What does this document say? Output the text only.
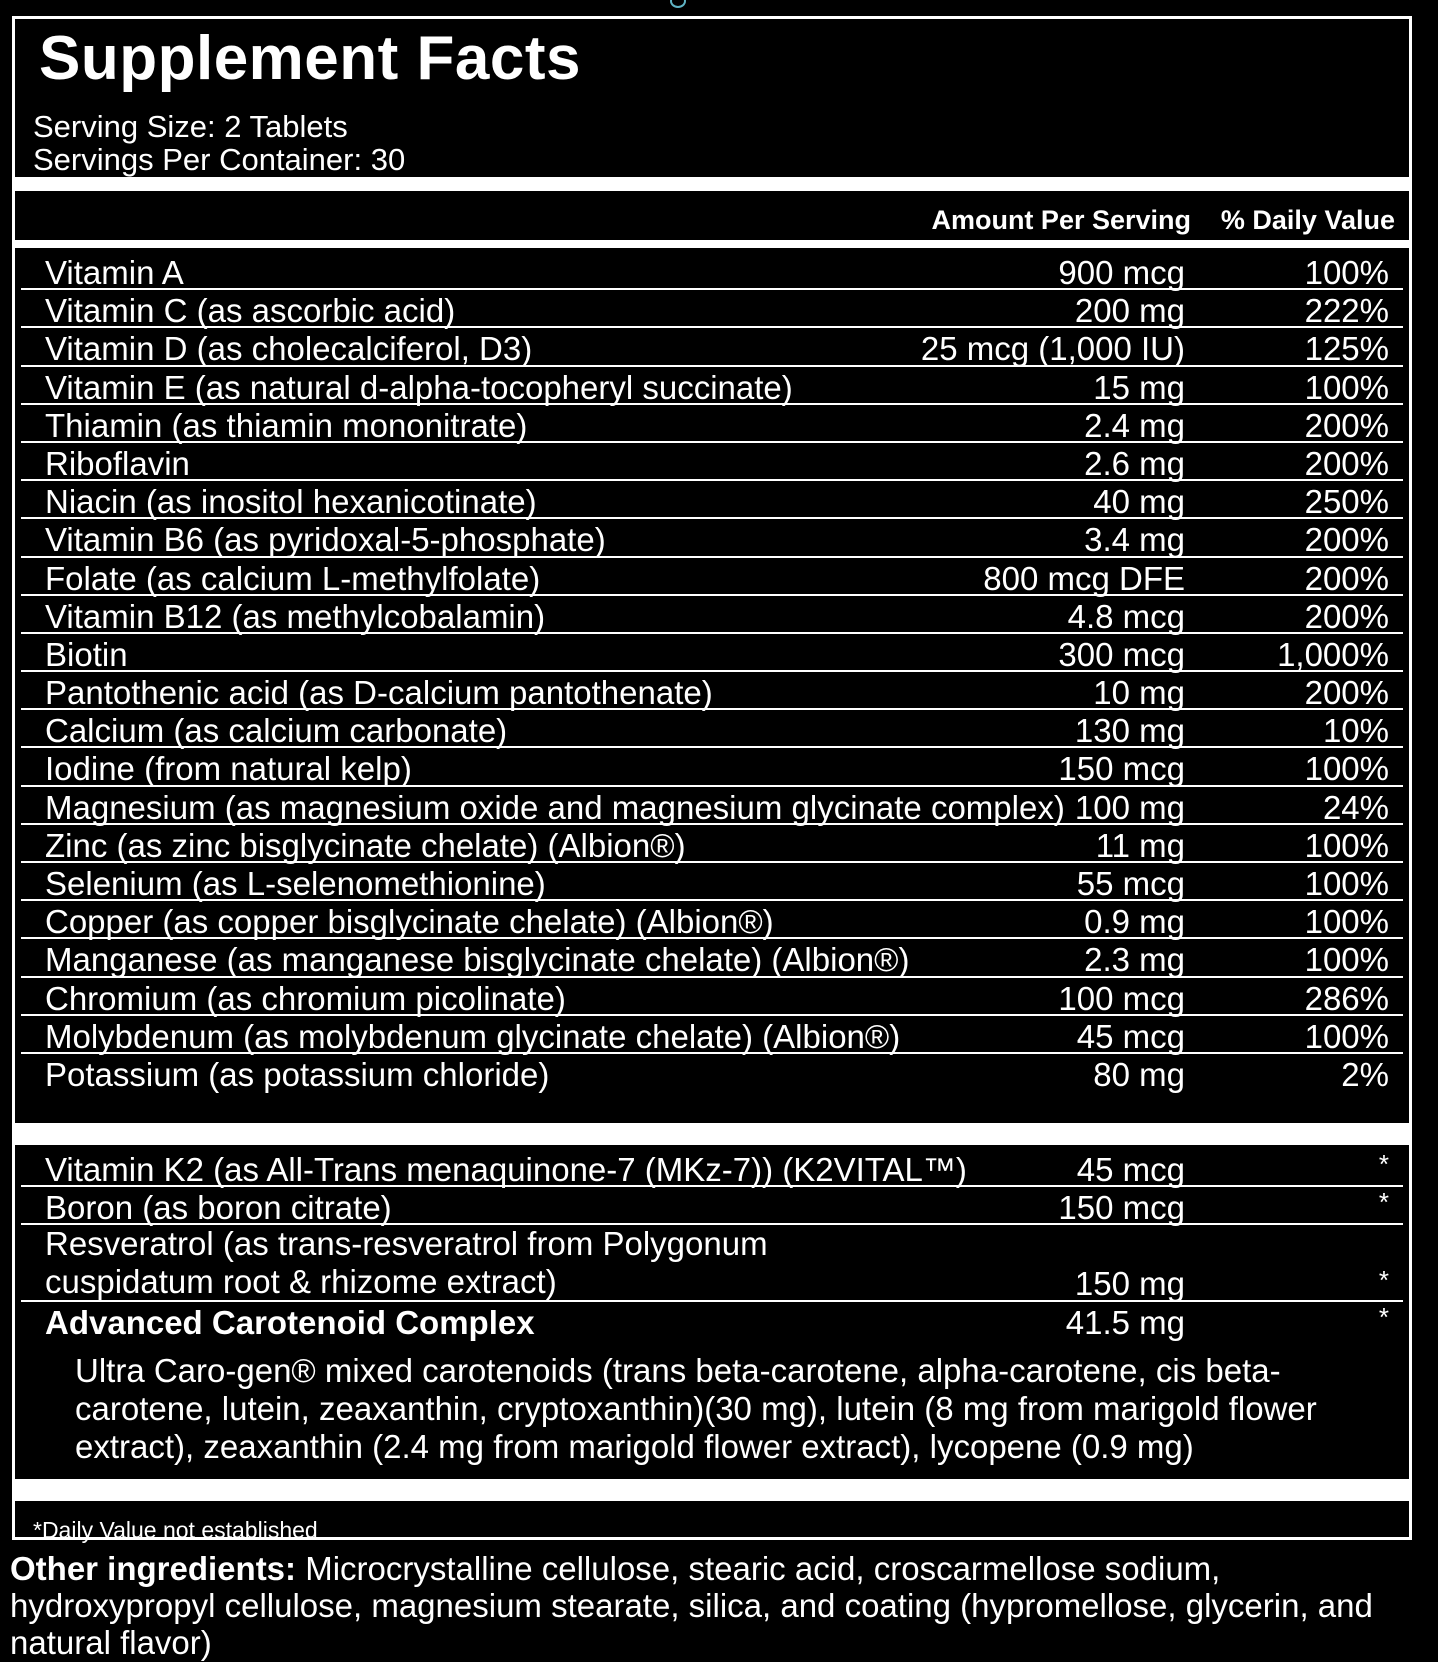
Supplement Facts
Serving Size: 2 Tablets
Servings Per Container: 30
Amount Per Serving % Daily Value
Vitamin A	900 mcg	100%
Vitamin C (as ascorbic acid)	200 mg	222%
Vitamin D (as cholecalciferol, D3)	25 mcg (1,000 IU)	125%
Vitamin E (as natural d-alpha-tocopheryl succinate)	15 mg	100%
Thiamin (as thiamin mononitrate)	2.4 mg	200%
Riboflavin	2.6 mg	200%
Niacin (as inositol hexanicotinate)	40 mg	250%
Vitamin B6 (as pyridoxal-5-phosphate)	3.4 mg	200%
Folate (as calcium L-methylfolate)	800 mcg DFE	200%
Vitamin B12 (as methylcobalamin)	4.8 mcg	200%
Biotin	300 mcg	1,000%
Pantothenic acid (as D-calcium pantothenate)	10 mg	200%
Calcium (as calcium carbonate)	130 mg	10%
Iodine (from natural kelp)	150 mcg	100%
Magnesium (as magnesium oxide and magnesium glycinate complex) 100 mg	24%
Zinc (as zinc bisglycinate chelate) (Albion®)	11 mg	100%
Selenium (as L-selenomethionine)	55 mcg	100%
Copper (as copper bisglycinate chelate) (Albion®)	0.9 mg	100%
Manganese (as manganese bisglycinate chelate) (Albion®)	2.3 mg	100%
Chromium (as chromium picolinate)	100 mcg	286%
Molybdenum (as molybdenum glycinate chelate) (Albion®)	45 mcg	100%
Potassium (as potassium chloride)	80 mg	2%
Vitamin K2 (as All-Trans menaquinone-7 (MKz-7)) (K2VITAL™)	45 mcg	*
Boron (as boron citrate)	150 mcg	*
Resveratrol (as trans-resveratrol from Polygonum cuspidatum root & rhizome extract)	150 mg	*
Advanced Carotenoid Complex	41.5 mg	*
Ultra Caro-gen® mixed carotenoids (trans beta-carotene, alpha-carotene, cis beta-carotene, lutein, zeaxanthin, cryptoxanthin)(30 mg), lutein (8 mg from marigold flower extract), zeaxanthin (2.4 mg from marigold flower extract), lycopene (0.9 mg)
*Daily Value not established
Other ingredients: Microcrystalline cellulose, stearic acid, croscarmellose sodium, hydroxypropyl cellulose, magnesium stearate, silica, and coating (hypromellose, glycerin, and natural flavor)
